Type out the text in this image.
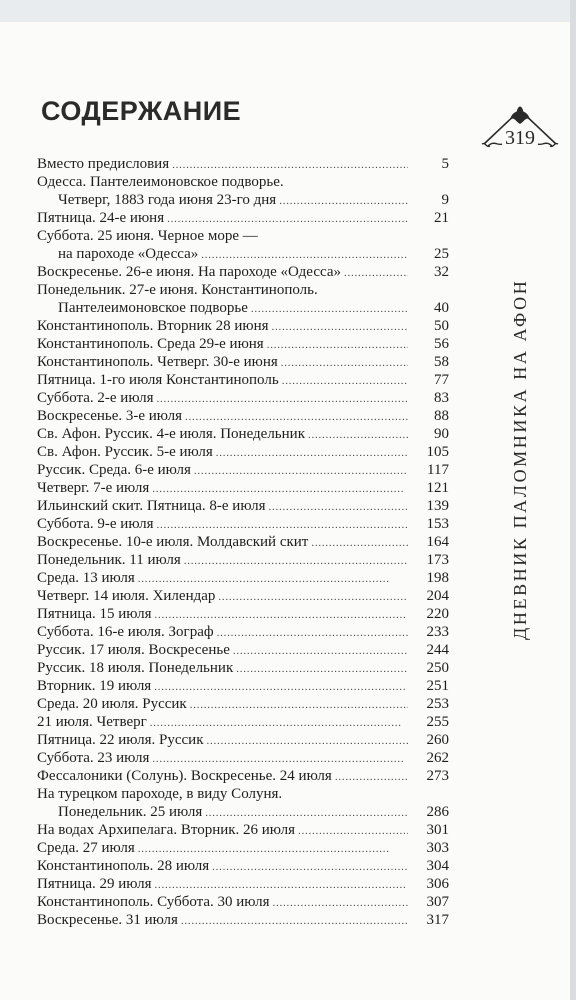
СОДЕРЖАНИЕ
319
ДНЕВНИК ПАЛОМНИКА НА АФОН
Вместо предисловия . . .	5
Одесса. Пантелеимоновское подворье.
Четверг, 1883 года июня 23-го дня . . .	9
Пятница. 24-е июня . . .	21
Суббота. 25 июня. Черное море —
на пароходе «Одесса» . . .	25
Воскресенье. 26-е июня. На пароходе «Одесса» . . .	32
Понедельник. 27-е июня. Константинополь.
Пантелеимоновское подворье . . .	40
Константинополь. Вторник 28 июня . . .	50
Константинополь. Среда 29-е июня . . .	56
Константинополь. Четверг. 30-е июня . . .	58
Пятница. 1-го июля Константинополь . . .	77
Суббота. 2-е июля . . .	83
Воскресенье. 3-е июля . . .	88
Св. Афон. Руссик. 4-е июля. Понедельник . . .	90
Св. Афон. Руссик. 5-е июля . . .	105
Руссик. Среда. 6-е июля . . .	117
Четверг. 7-е июля . . .	121
Ильинский скит. Пятница. 8-е июля . . .	139
Суббота. 9-е июля . . .	153
Воскресенье. 10-е июля. Молдавский скит . . .	164
Понедельник. 11 июля . . .	173
Среда. 13 июля . . .	198
Четверг. 14 июля. Хилендар . . .	204
Пятница. 15 июля . . .	220
Суббота. 16-е июля. Зограф . . .	233
Руссик. 17 июля. Воскресенье . . .	244
Руссик. 18 июля. Понедельник . . .	250
Вторник. 19 июля . . .	251
Среда. 20 июля. Руссик . . .	253
21 июля. Четверг . . .	255
Пятница. 22 июля. Руссик . . .	260
Суббота. 23 июля . . .	262
Фессалоники (Солунь). Воскресенье. 24 июля . . .	273
На турецком пароходе, в виду Солуня.
Понедельник. 25 июля . . .	286
На водах Архипелага. Вторник. 26 июля . . .	301
Среда. 27 июля . . .	303
Константинополь. 28 июля . . .	304
Пятница. 29 июля . . .	306
Константинополь. Суббота. 30 июля . . .	307
Воскресенье. 31 июля . . .	317
